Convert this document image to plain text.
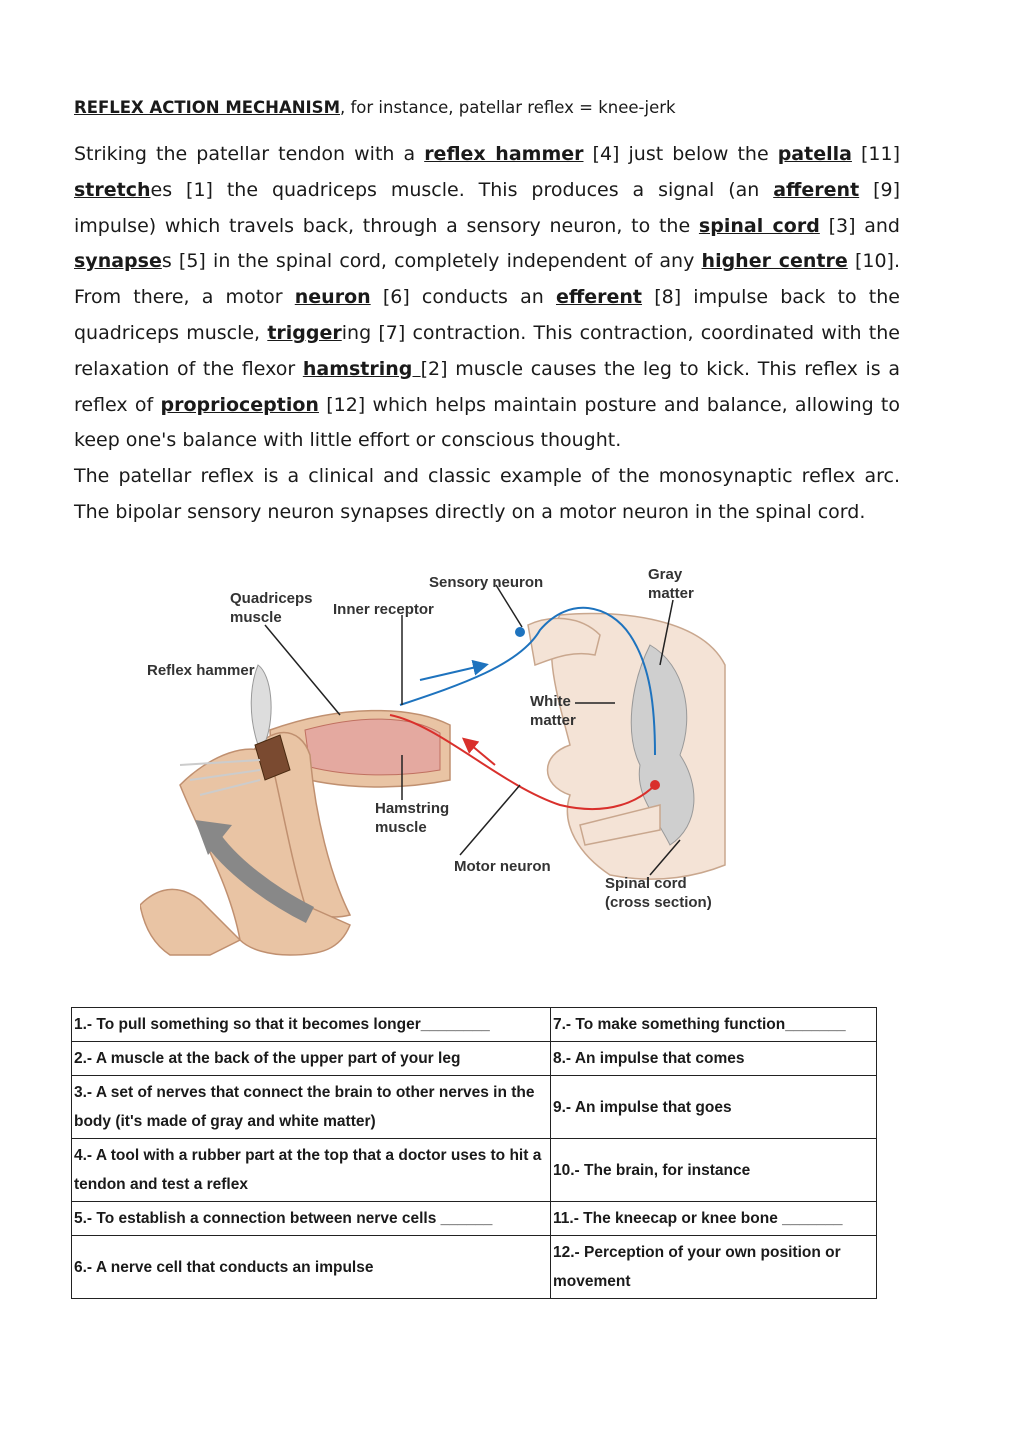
REFLEX ACTION MECHANISM, for instance, patellar reflex = knee-jerk
Striking the patellar tendon with a reflex hammer [4] just below the patella [11] stretches [1] the quadriceps muscle. This produces a signal (an afferent [9] impulse) which travels back, through a sensory neuron, to the spinal cord [3] and synapses [5] in the spinal cord, completely independent of any higher centre [10]. From there, a motor neuron [6] conducts an efferent [8] impulse back to the quadriceps muscle, triggering [7] contraction. This contraction, coordinated with the relaxation of the flexor hamstring [2] muscle causes the leg to kick. This reflex is a reflex of proprioception [12] which helps maintain posture and balance, allowing to keep one's balance with little effort or conscious thought.
The patellar reflex is a clinical and classic example of the monosynaptic reflex arc. The bipolar sensory neuron synapses directly on a motor neuron in the spinal cord.
Quadriceps
muscle	Inner receptor
Sensory neuron	Gray
matter
Reflex hammer
White
matter
Hamstring
muscle
Motor neuron
Spinal cord
(cross section)
1.- To pull something so that it becomes longer________	7.- To make something function_______
2.- A muscle at the back of the upper part of your leg	8.- An impulse that comes
3.- A set of nerves that connect the brain to other nerves in the body (it's made of gray and white matter)	9.- An impulse that goes
4.- A tool with a rubber part at the top that a doctor uses to hit a tendon and test a reflex	10.- The brain, for instance
5.- To establish a connection between nerve cells ______	11.- The kneecap or knee bone _______
6.- A nerve cell that conducts an impulse	12.- Perception of your own position or movement
